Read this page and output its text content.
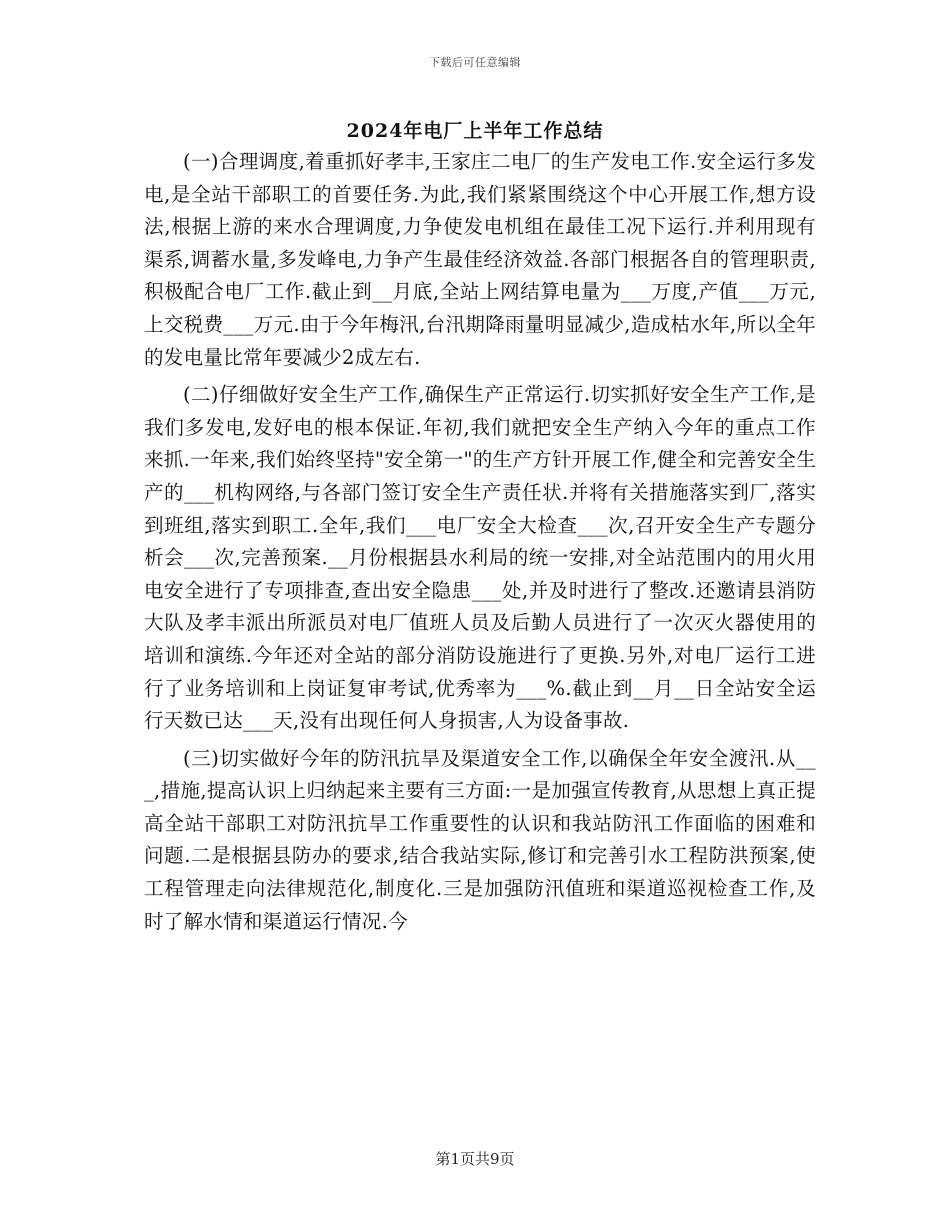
下载后可任意编辑
2024年电厂上半年工作总结

(一)合理调度,着重抓好孝丰,王家庄二电厂的生产发电工作.安全运行多发电,是全站干部职工的首要任务.为此,我们紧紧围绕这个中心开展工作,想方设法,根据上游的来水合理调度,力争使发电机组在最佳工况下运行.并利用现有渠系,调蓄水量,多发峰电,力争产生最佳经济效益.各部门根据各自的管理职责,积极配合电厂工作.截止到__月底,全站上网结算电量为___万度,产值___万元,上交税费___万元.由于今年梅汛,台汛期降雨量明显减少,造成枯水年,所以全年的发电量比常年要减少2成左右.

(二)仔细做好安全生产工作,确保生产正常运行.切实抓好安全生产工作,是我们多发电,发好电的根本保证.年初,我们就把安全生产纳入今年的重点工作来抓.一年来,我们始终坚持"安全第一"的生产方针开展工作,健全和完善安全生产的___机构网络,与各部门签订安全生产责任状.并将有关措施落实到厂,落实到班组,落实到职工.全年,我们___电厂安全大检查___次,召开安全生产专题分析会___次,完善预案.__月份根据县水利局的统一安排,对全站范围内的用火用电安全进行了专项排查,查出安全隐患___处,并及时进行了整改.还邀请县消防大队及孝丰派出所派员对电厂值班人员及后勤人员进行了一次灭火器使用的培训和演练.今年还对全站的部分消防设施进行了更换.另外,对电厂运行工进行了业务培训和上岗证复审考试,优秀率为___%.截止到__月__日全站安全运行天数已达___天,没有出现任何人身损害,人为设备事故.

(三)切实做好今年的防汛抗旱及渠道安全工作,以确保全年安全渡汛.从___,措施,提高认识上归纳起来主要有三方面:一是加强宣传教育,从思想上真正提高全站干部职工对防汛抗旱工作重要性的认识和我站防汛工作面临的困难和问题.二是根据县防办的要求,结合我站实际,修订和完善引水工程防洪预案,使工程管理走向法律规范化,制度化.三是加强防汛值班和渠道巡视检查工作,及时了解水情和渠道运行情况.今

第1页共9页
